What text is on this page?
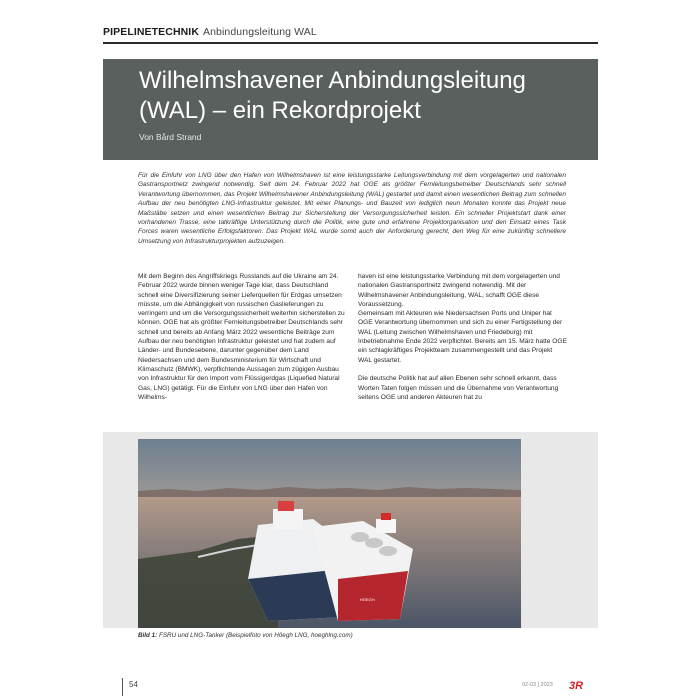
PIPELINETECHNIK Anbindungsleitung WAL
Wilhelmshavener Anbindungsleitung (WAL) – ein Rekordprojekt
Von Bård Strand
Für die Einfuhr von LNG über den Hafen von Wilhelmshaven ist eine leistungsstarke Leitungsverbindung mit dem vorgelagerten und nationalen Gastransportnetz zwingend notwendig. Seit dem 24. Februar 2022 hat OGE als größter Fernleitungsbetreiber Deutschlands sehr schnell Verantwortung übernommen, das Projekt Wilhelmshavener Anbindungsleitung (WAL) gestartet und damit einen wesentlichen Beitrag zum schnellen Aufbau der neu benötigten LNG-Infrastruktur geleistet. Mit einer Planungs- und Bauzeit von lediglich neun Monaten konnte das Projekt neue Maßstäbe setzen und einen wesentlichen Beitrag zur Sicherstellung der Versorgungssicherheit leisten. Ein schneller Projektstart dank einer vorhandenen Trasse, eine tatkräftige Unterstützung durch die Politik, eine gute und erfahrene Projektorganisation und den Einsatz eines Task Forces waren wesentliche Erfolgsfaktoren. Das Projekt WAL wurde somit auch der Anforderung gerecht, den Weg für eine zukünftig schnellere Umsetzung von Infrastrukturprojekten aufzuzeigen.

Mit dem Beginn des Angriffskriegs Russlands auf die Ukraine am 24. Februar 2022 wurde binnen weniger Tage klar, dass Deutschland schnell eine Diversifizierung seiner Lieferquellen für Erdgas umsetzen müsste, um die Abhängigkeit von russischen Gaslieferungen zu verringern und um die Versorgungssicherheit weiterhin sicherstellen zu können. OGE hat als größter Fernleitungsbetreiber Deutschlands sehr schnell und bereits ab Anfang März 2022 wesentliche Beiträge zum Aufbau der neu benötigten Infrastruktur geleistet und hat zudem auf Länder- und Bundesebene, darunter gegenüber dem Land Niedersachsen und dem Bundesministerium für Wirtschaft und Klimaschutz (BMWK), verpflichtende Aussagen zum zügigen Ausbau von Infrastruktur für den Import vom Flüssigerdgas (Liquefied Natural Gas, LNG) getätigt. Für die Einfuhr von LNG über den Hafen von Wilhelms-

haven ist eine leistungsstarke Verbindung mit dem vorgelagerten und nationalen Gastransportnetz zwingend notwendig. Mit der Wilhelmshavener Anbindungsleitung, WAL, schafft OGE diese Voraussetzung.

Gemeinsam mit Akteuren wie Niedersachsen Ports und Uniper hat OGE Verantwortung übernommen und sich zu einer Fertigstellung der WAL (Leitung zwischen Wilhelmshaven und Friedeburg) mit Inbetriebnahme Ende 2022 verpflichtet. Bereits am 15. März hatte OGE ein schlagkräftiges Projektteam zusammengestellt und das Projekt WAL gestartet.

Die deutsche Politik hat auf allen Ebenen sehr schnell erkannt, dass Worten Taten folgen müssen und die Übernahme von Verantwortung seitens OGE und anderen Akteuren hat zu

HÖEGH
Bild 1: FSRU und LNG-Tanker (Beispielfoto von Höegh LNG, hoeghlng.com)
54	02-03 | 2023 3R
